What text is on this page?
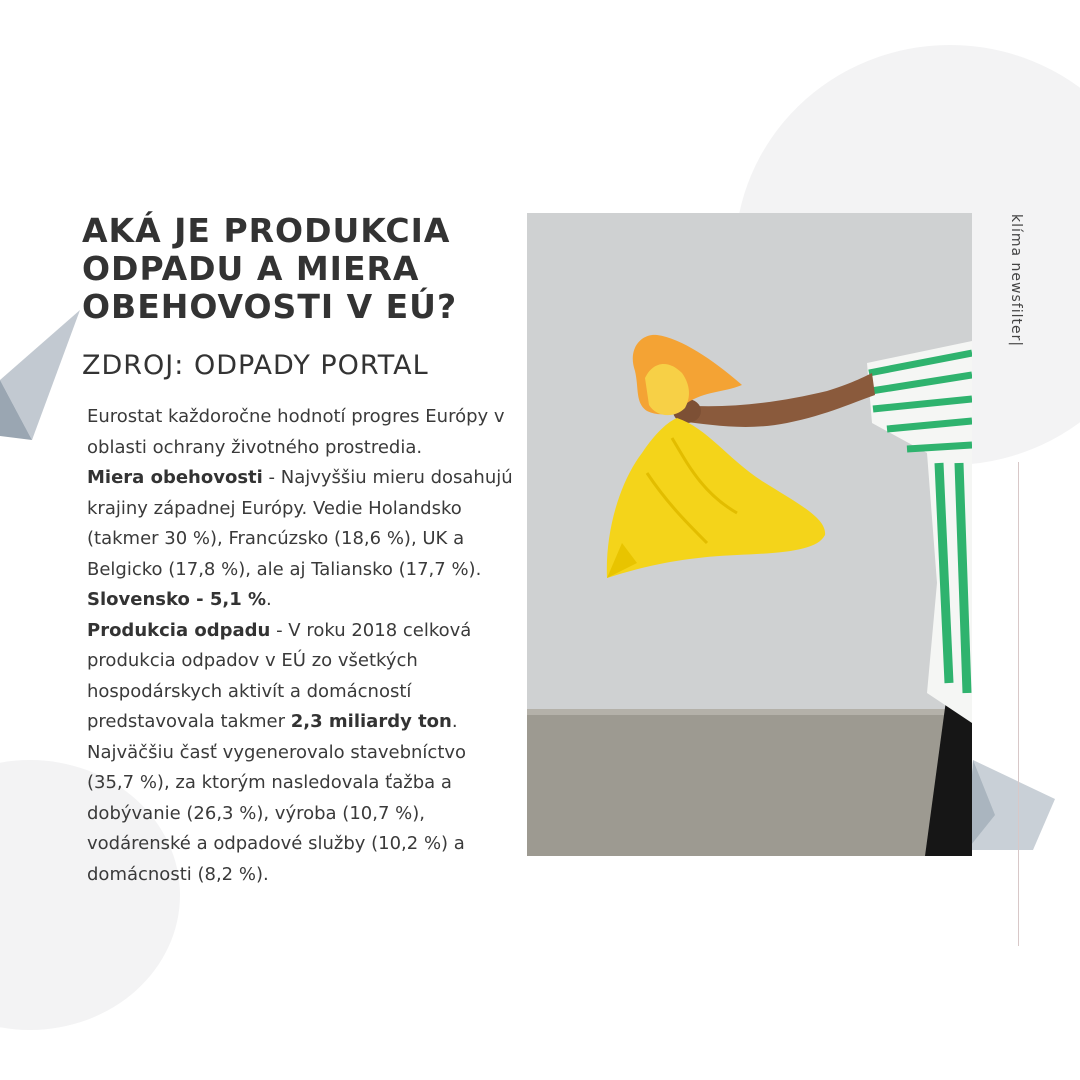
AKÁ JE PRODUKCIA ODPADU A MIERA OBEHOVOSTI V EÚ?
ZDROJ: ODPADY PORTAL
Eurostat každoročne hodnotí progres Európy v oblasti ochrany životného prostredia.
Miera obehovosti - Najvyššiu mieru dosahujú krajiny západnej Európy. Vedie Holandsko (takmer 30 %), Francúzsko (18,6 %), UK a Belgicko (17,8 %), ale aj Taliansko (17,7 %).
Slovensko - 5,1 %.
Produkcia odpadu - V roku 2018 celková produkcia odpadov v EÚ zo všetkých hospodárskych aktivít a domácností predstavovala takmer 2,3 miliardy ton. Najväčšiu časť vygenerovalo stavebníctvo (35,7 %), za ktorým nasledovala ťažba a dobývanie (26,3 %), výroba (10,7 %), vodárenské a odpadové služby (10,2 %) a domácnosti (8,2 %).
klíma newsfilter|
